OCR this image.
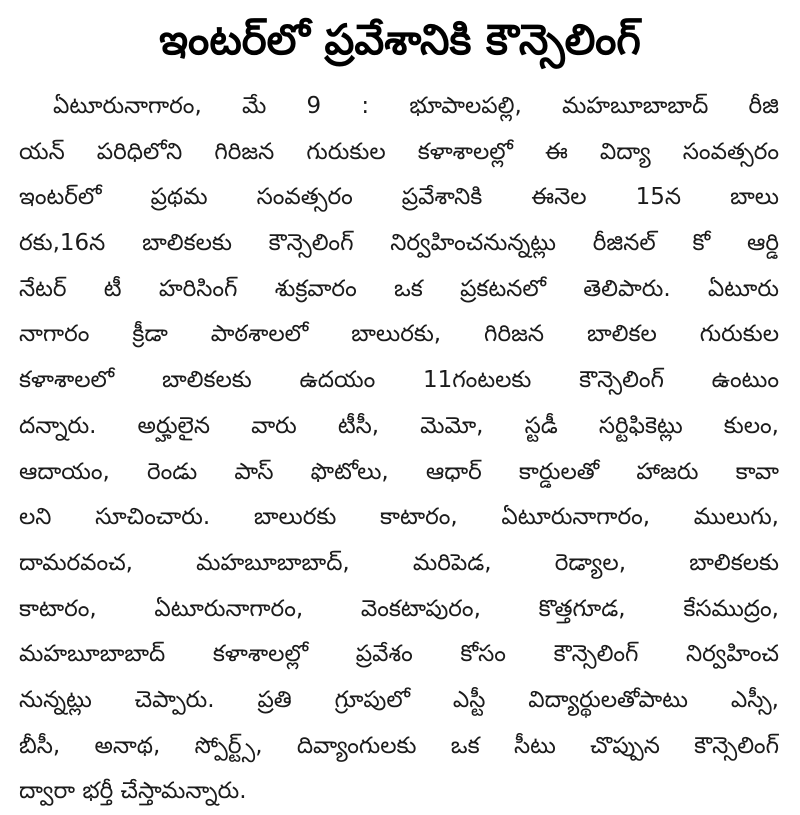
ఇంటర్‌లో ప్రవేశానికి కౌన్సెలింగ్
ఏటూరునాగారం, మే 9 : భూపాలపల్లి, మహబూబాబాద్ రీజి
యన్ పరిధిలోని గిరిజన గురుకుల కళాశాలల్లో ఈ విద్యా సంవత్సరం
ఇంటర్‌లో ప్రథమ సంవత్సరం ప్రవేశానికి ఈనెల 15న బాలు
రకు,16న బాలికలకు కౌన్సెలింగ్ నిర్వహించనున్నట్లు రీజినల్ కో ఆర్డి
నేటర్ టీ హరిసింగ్ శుక్రవారం ఒక ప్రకటనలో తెలిపారు. ఏటూరు
నాగారం క్రీడా పాఠశాలలో బాలురకు, గిరిజన బాలికల గురుకుల
కళాశాలలో బాలికలకు ఉదయం 11గంటలకు కౌన్సెలింగ్ ఉంటుం
దన్నారు. అర్హులైన వారు టీసీ, మెమో, స్టడీ సర్టిఫికెట్లు కులం,
ఆదాయం, రెండు పాస్ ఫొటోలు, ఆధార్ కార్డులతో హాజరు కావా
లని సూచించారు. బాలురకు కాటారం, ఏటూరునాగారం, ములుగు,
దామరవంచ, మహబూబాబాద్, మరిపెడ, రెడ్యాల, బాలికలకు
కాటారం, ఏటూరునాగారం, వెంకటాపురం, కొత్తగూడ, కేసముద్రం,
మహబూబాబాద్ కళాశాలల్లో ప్రవేశం కోసం కౌన్సెలింగ్ నిర్వహించ
నున్నట్లు చెప్పారు. ప్రతి గ్రూపులో ఎస్టీ విద్యార్థులతోపాటు ఎస్సీ,
బీసీ, అనాథ, స్పోర్ట్స్, దివ్యాంగులకు ఒక సీటు చొప్పున కౌన్సెలింగ్
ద్వారా భర్తీ చేస్తామన్నారు.
